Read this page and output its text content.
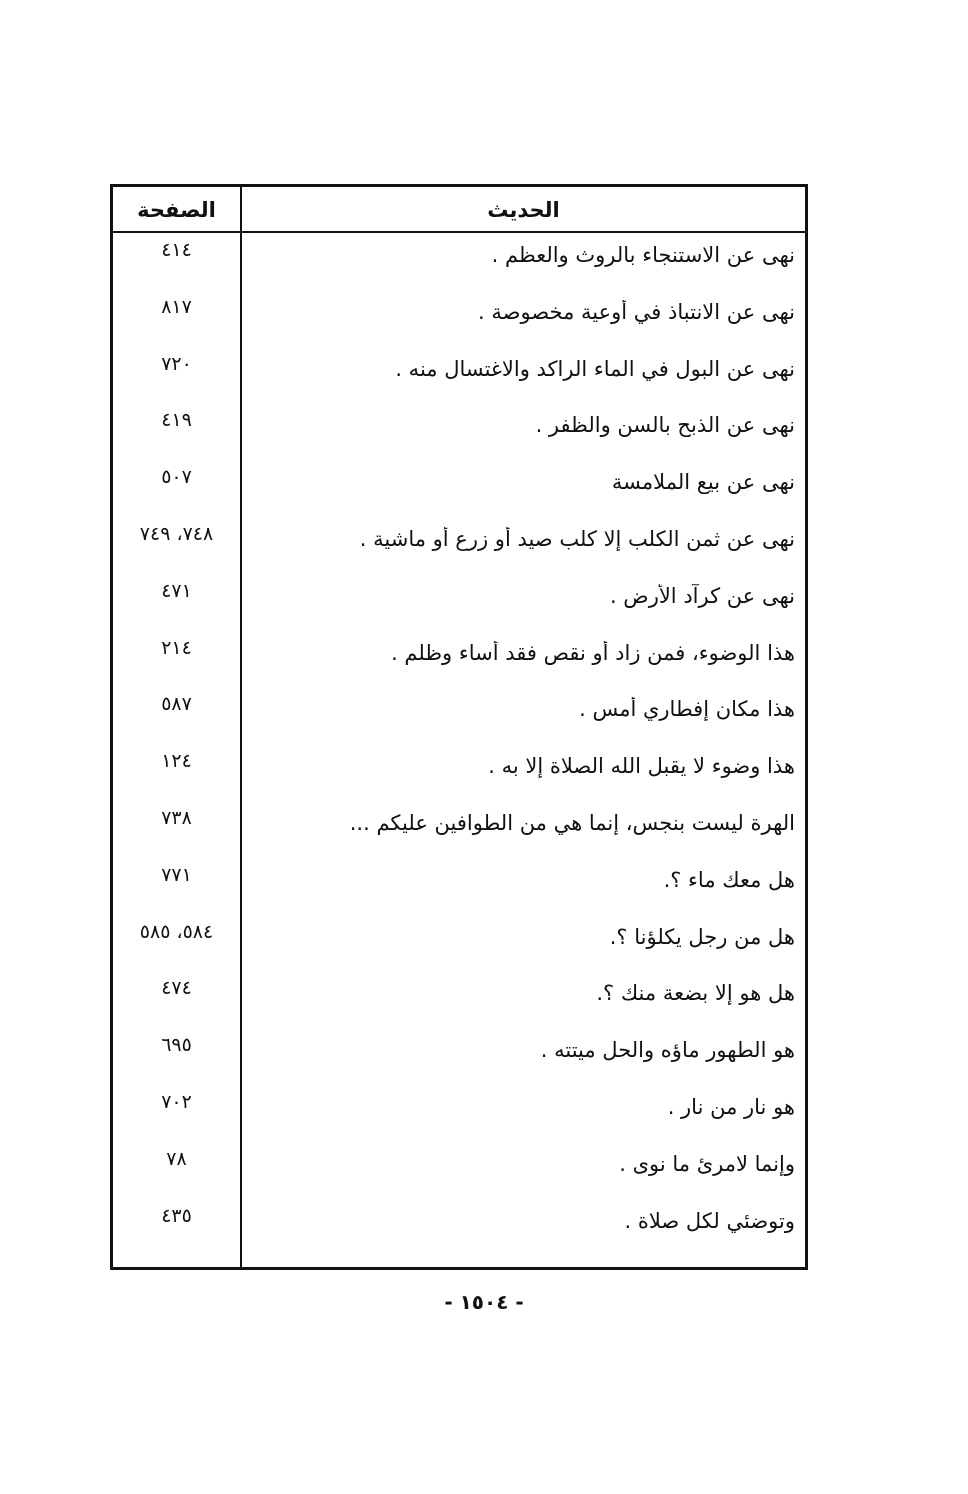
الحديث
الصفحة
نهى عن الاستنجاء بالروث والعظم .
٤١٤
نهى عن الانتباذ في أوعية مخصوصة .
٨١٧
نهى عن البول في الماء الراكد والاغتسال منه .
٧٢٠
نهى عن الذبح بالسن والظفر .
٤١٩
نهى عن بيع الملامسة
٥٠٧
نهى عن ثمن الكلب إلا كلب صيد أو زرع أو ماشية .
٧٤٨، ٧٤٩
نهى عن كرآد الأرض .
٤٧١
هذا الوضوء، فمن زاد أو نقص فقد أساء وظلم .
٢١٤
هذا مكان إفطاري أمس .
٥٨٧
هذا وضوء لا يقبل الله الصلاة إلا به .
١٢٤
الهرة ليست بنجس، إنما هي من الطوافين عليكم ...
٧٣٨
هل معك ماء ؟.
٧٧١
هل من رجل يكلؤنا ؟.
٥٨٤، ٥٨٥
هل هو إلا بضعة منك ؟.
٤٧٤
هو الطهور ماؤه والحل ميتته .
٦٩٥
هو نار من نار .
٧٠٢
وإنما لامرئ ما نوى .
٧٨
وتوضئي لكل صلاة .
٤٣٥
- ١٥٠٤ -
